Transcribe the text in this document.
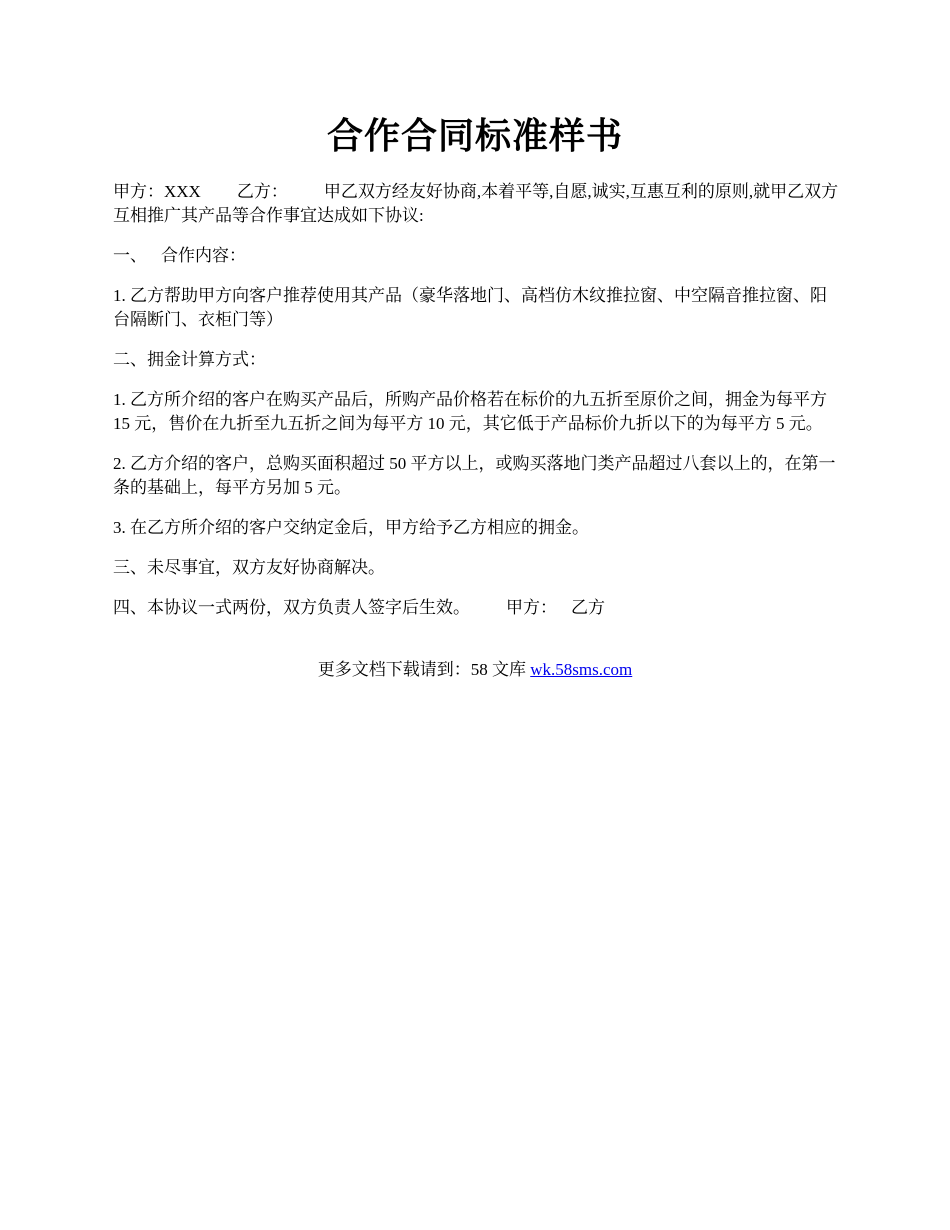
合作合同标准样书

甲方：XXX 乙方： 甲乙双方经友好协商,本着平等,自愿,诚实,互惠互利的原则,就甲乙双方互相推广其产品等合作事宜达成如下协议:

一、 合作内容：

1. 乙方帮助甲方向客户推荐使用其产品（豪华落地门、高档仿木纹推拉窗、中空隔音推拉窗、阳台隔断门、衣柜门等）

二、拥金计算方式：

1. 乙方所介绍的客户在购买产品后，所购产品价格若在标价的九五折至原价之间，拥金为每平方 15 元，售价在九折至九五折之间为每平方 10 元，其它低于产品标价九折以下的为每平方 5 元。

2. 乙方介绍的客户，总购买面积超过 50 平方以上，或购买落地门类产品超过八套以上的，在第一条的基础上，每平方另加 5 元。

3. 在乙方所介绍的客户交纳定金后，甲方给予乙方相应的拥金。

三、未尽事宜，双方友好协商解决。

四、本协议一式两份，双方负责人签字后生效。 甲方： 乙方

更多文档下载请到：58 文库 wk.58sms.com
